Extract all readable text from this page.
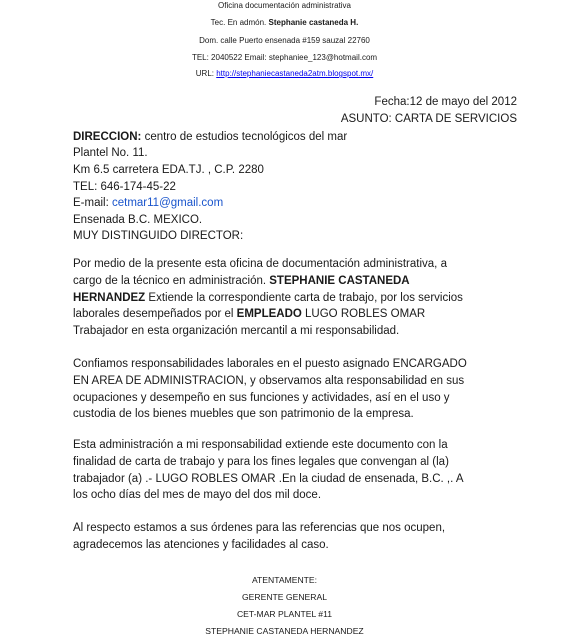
Oficina documentación administrativa
Tec. En admón. Stephanie castaneda H.
Dom. calle Puerto ensenada #159 sauzal 22760
TEL: 2040522 Email: stephaniee_123@hotmail.com
URL: http://stephaniecastaneda2atm.blogspot.mx/
Fecha:12 de mayo del 2012
ASUNTO: CARTA DE SERVICIOS
DIRECCION: centro de estudios tecnológicos del mar
Plantel No. 11.
Km 6.5 carretera EDA.TJ. , C.P. 2280
TEL: 646-174-45-22
E-mail: cetmar11@gmail.com
Ensenada B.C. MEXICO.
MUY DISTINGUIDO DIRECTOR:
Por medio de la presente esta oficina de documentación administrativa, a
cargo de la técnico en administración. STEPHANIE CASTANEDA
HERNANDEZ Extiende la correspondiente carta de trabajo, por los servicios
laborales desempeñados por el EMPLEADO LUGO ROBLES OMAR
Trabajador en esta organización mercantil a mi responsabilidad.
Confiamos responsabilidades laborales en el puesto asignado ENCARGADO
EN AREA DE ADMINISTRACION, y observamos alta responsabilidad en sus
ocupaciones y desempeño en sus funciones y actividades, así en el uso y
custodia de los bienes muebles que son patrimonio de la empresa.
Esta administración a mi responsabilidad extiende este documento con la
finalidad de carta de trabajo y para los fines legales que convengan al (la)
trabajador (a) .- LUGO ROBLES OMAR .En la ciudad de ensenada, B.C. ,. A
los ocho días del mes de mayo del dos mil doce.
Al respecto estamos a sus órdenes para las referencias que nos ocupen,
agradecemos las atenciones y facilidades al caso.
ATENTAMENTE:
GERENTE GENERAL
CET-MAR PLANTEL #11
STEPHANIE CASTANEDA HERNANDEZ
